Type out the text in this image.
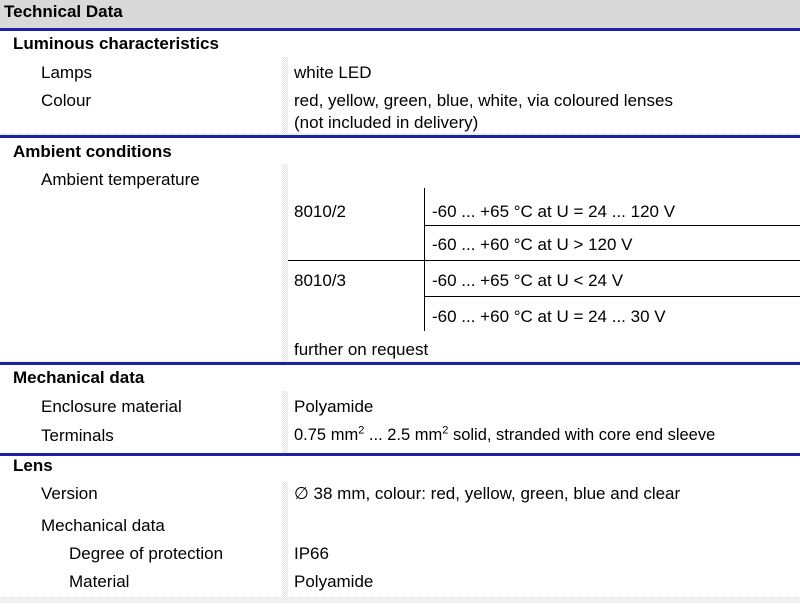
Technical Data
Luminous characteristics
Lamps	white LED
Colour	red, yellow, green, blue, white, via coloured lenses
(not included in delivery)
Ambient conditions
Ambient temperature
8010/2	-60 ... +65 °C at U = 24 ... 120 V
-60 ... +60 °C at U > 120 V
8010/3	-60 ... +65 °C at U < 24 V
-60 ... +60 °C at U = 24 ... 30 V
further on request
Mechanical data
Enclosure material	Polyamide
Terminals	0.75 $mm^2$ ... 2.5 $mm^2$ solid, stranded with core end sleeve
Lens
Version	∅ 38 mm, colour: red, yellow, green, blue and clear
Mechanical data
Degree of protection	IP66
Material	Polyamide
